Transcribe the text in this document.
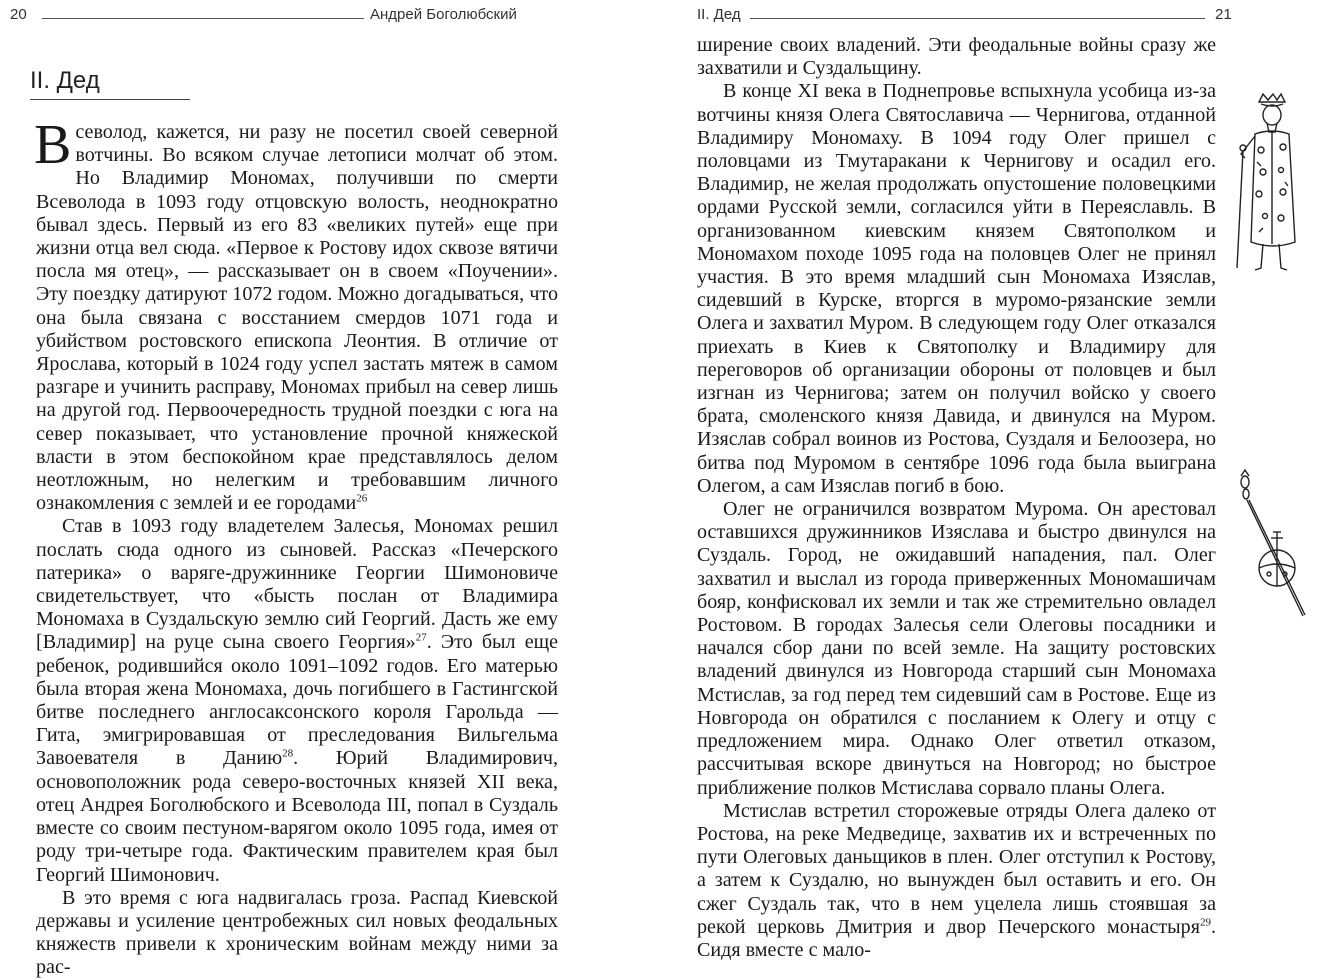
20	Андрей Боголюбский
II. Дед

Всеволод, кажется, ни разу не посетил своей северной вотчины. Во всяком случае летописи молчат об этом. Но Владимир Мономах, получивши по смерти Всеволода в 1093 году отцовскую волость, неоднократно бывал здесь. Первый из его 83 «великих путей» еще при жизни отца вел сюда. «Первое к Ростову идох сквозе вятичи посла мя отец», — рассказывает он в своем «Поучении». Эту поездку датируют 1072 годом. Можно догадываться, что она была связана с восстанием смердов 1071 года и убийством ростовского епископа Леонтия. В отличие от Ярослава, который в 1024 году успел застать мятеж в самом разгаре и учинить расправу, Мономах прибыл на север лишь на другой год. Первоочередность трудной поездки с юга на север показывает, что установление прочной княжеской власти в этом беспокойном крае представлялось делом неотложным, но нелегким и требовавшим личного ознакомления с землей и ее городами$^{26}$

Став в 1093 году владетелем Залесья, Мономах решил послать сюда одного из сыновей. Рассказ «Печерского патерика» о варяге-дружиннике Георгии Шимоновиче свидетельствует, что «бысть послан от Владимира Мономаха в Суздальскую землю сий Георгий. Дасть же ему [Владимир] на руце сына своего Георгия»$^{27}$. Это был еще ребенок, родившийся около 1091–1092 годов. Его матерью была вторая жена Мономаха, дочь погибшего в Гастингской битве последнего англосаксонского короля Гарольда — Гита, эмигрировавшая от преследования Вильгельма Завоевателя в Данию$^{28}$. Юрий Владимирович, основоположник рода северо-восточных князей XII века, отец Андрея Боголюбского и Всеволода III, попал в Суздаль вместе со своим пестуном-варягом около 1095 года, имея от роду три-четыре года. Фактическим правителем края был Георгий Шимонович.

В это время с юга надвигалась гроза. Распад Киевской державы и усиление центробежных сил новых феодальных княжеств привели к хроническим войнам между ними за рас-

II. Дед	21

ширение своих владений. Эти феодальные войны сразу же захватили и Суздальщину.

В конце XI века в Поднепровье вспыхнула усобица из-за вотчины князя Олега Святославича — Чернигова, отданной Владимиру Мономаху. В 1094 году Олег пришел с половцами из Тмутаракани к Чернигову и осадил его. Владимир, не желая продолжать опустошение половецкими ордами Русской земли, согласился уйти в Переяславль. В организованном киевским князем Святополком и Мономахом походе 1095 года на половцев Олег не принял участия. В это время младший сын Мономаха Изяслав, сидевший в Курске, вторгся в муромо-рязанские земли Олега и захватил Муром. В следующем году Олег отказался приехать в Киев к Святополку и Владимиру для переговоров об организации обороны от половцев и был изгнан из Чернигова; затем он получил войско у своего брата, смоленского князя Давида, и двинулся на Муром. Изяслав собрал воинов из Ростова, Суздаля и Белоозера, но битва под Муромом в сентябре 1096 года была выиграна Олегом, а сам Изяслав погиб в бою.

Олег не ограничился возвратом Мурома. Он арестовал оставшихся дружинников Изяслава и быстро двинулся на Суздаль. Город, не ожидавший нападения, пал. Олег захватил и выслал из города приверженных Мономашичам бояр, конфисковал их земли и так же стремительно овладел Ростовом. В городах Залесья сели Олеговы посадники и начался сбор дани по всей земле. На защиту ростовских владений двинулся из Новгорода старший сын Мономаха Мстислав, за год перед тем сидевший сам в Ростове. Еще из Новгорода он обратился с посланием к Олегу и отцу с предложением мира. Однако Олег ответил отказом, рассчитывая вскоре двинуться на Новгород; но быстрое приближение полков Мстислава сорвало планы Олега.

Мстислав встретил сторожевые отряды Олега далеко от Ростова, на реке Медведице, захватив их и встреченных по пути Олеговых даньщиков в плен. Олег отступил к Ростову, а затем к Суздалю, но вынужден был оставить и его. Он сжег Суздаль так, что в нем уцелела лишь стоявшая за рекой церковь Дмитрия и двор Печерского монастыря$^{29}$. Сидя вместе с мало-
